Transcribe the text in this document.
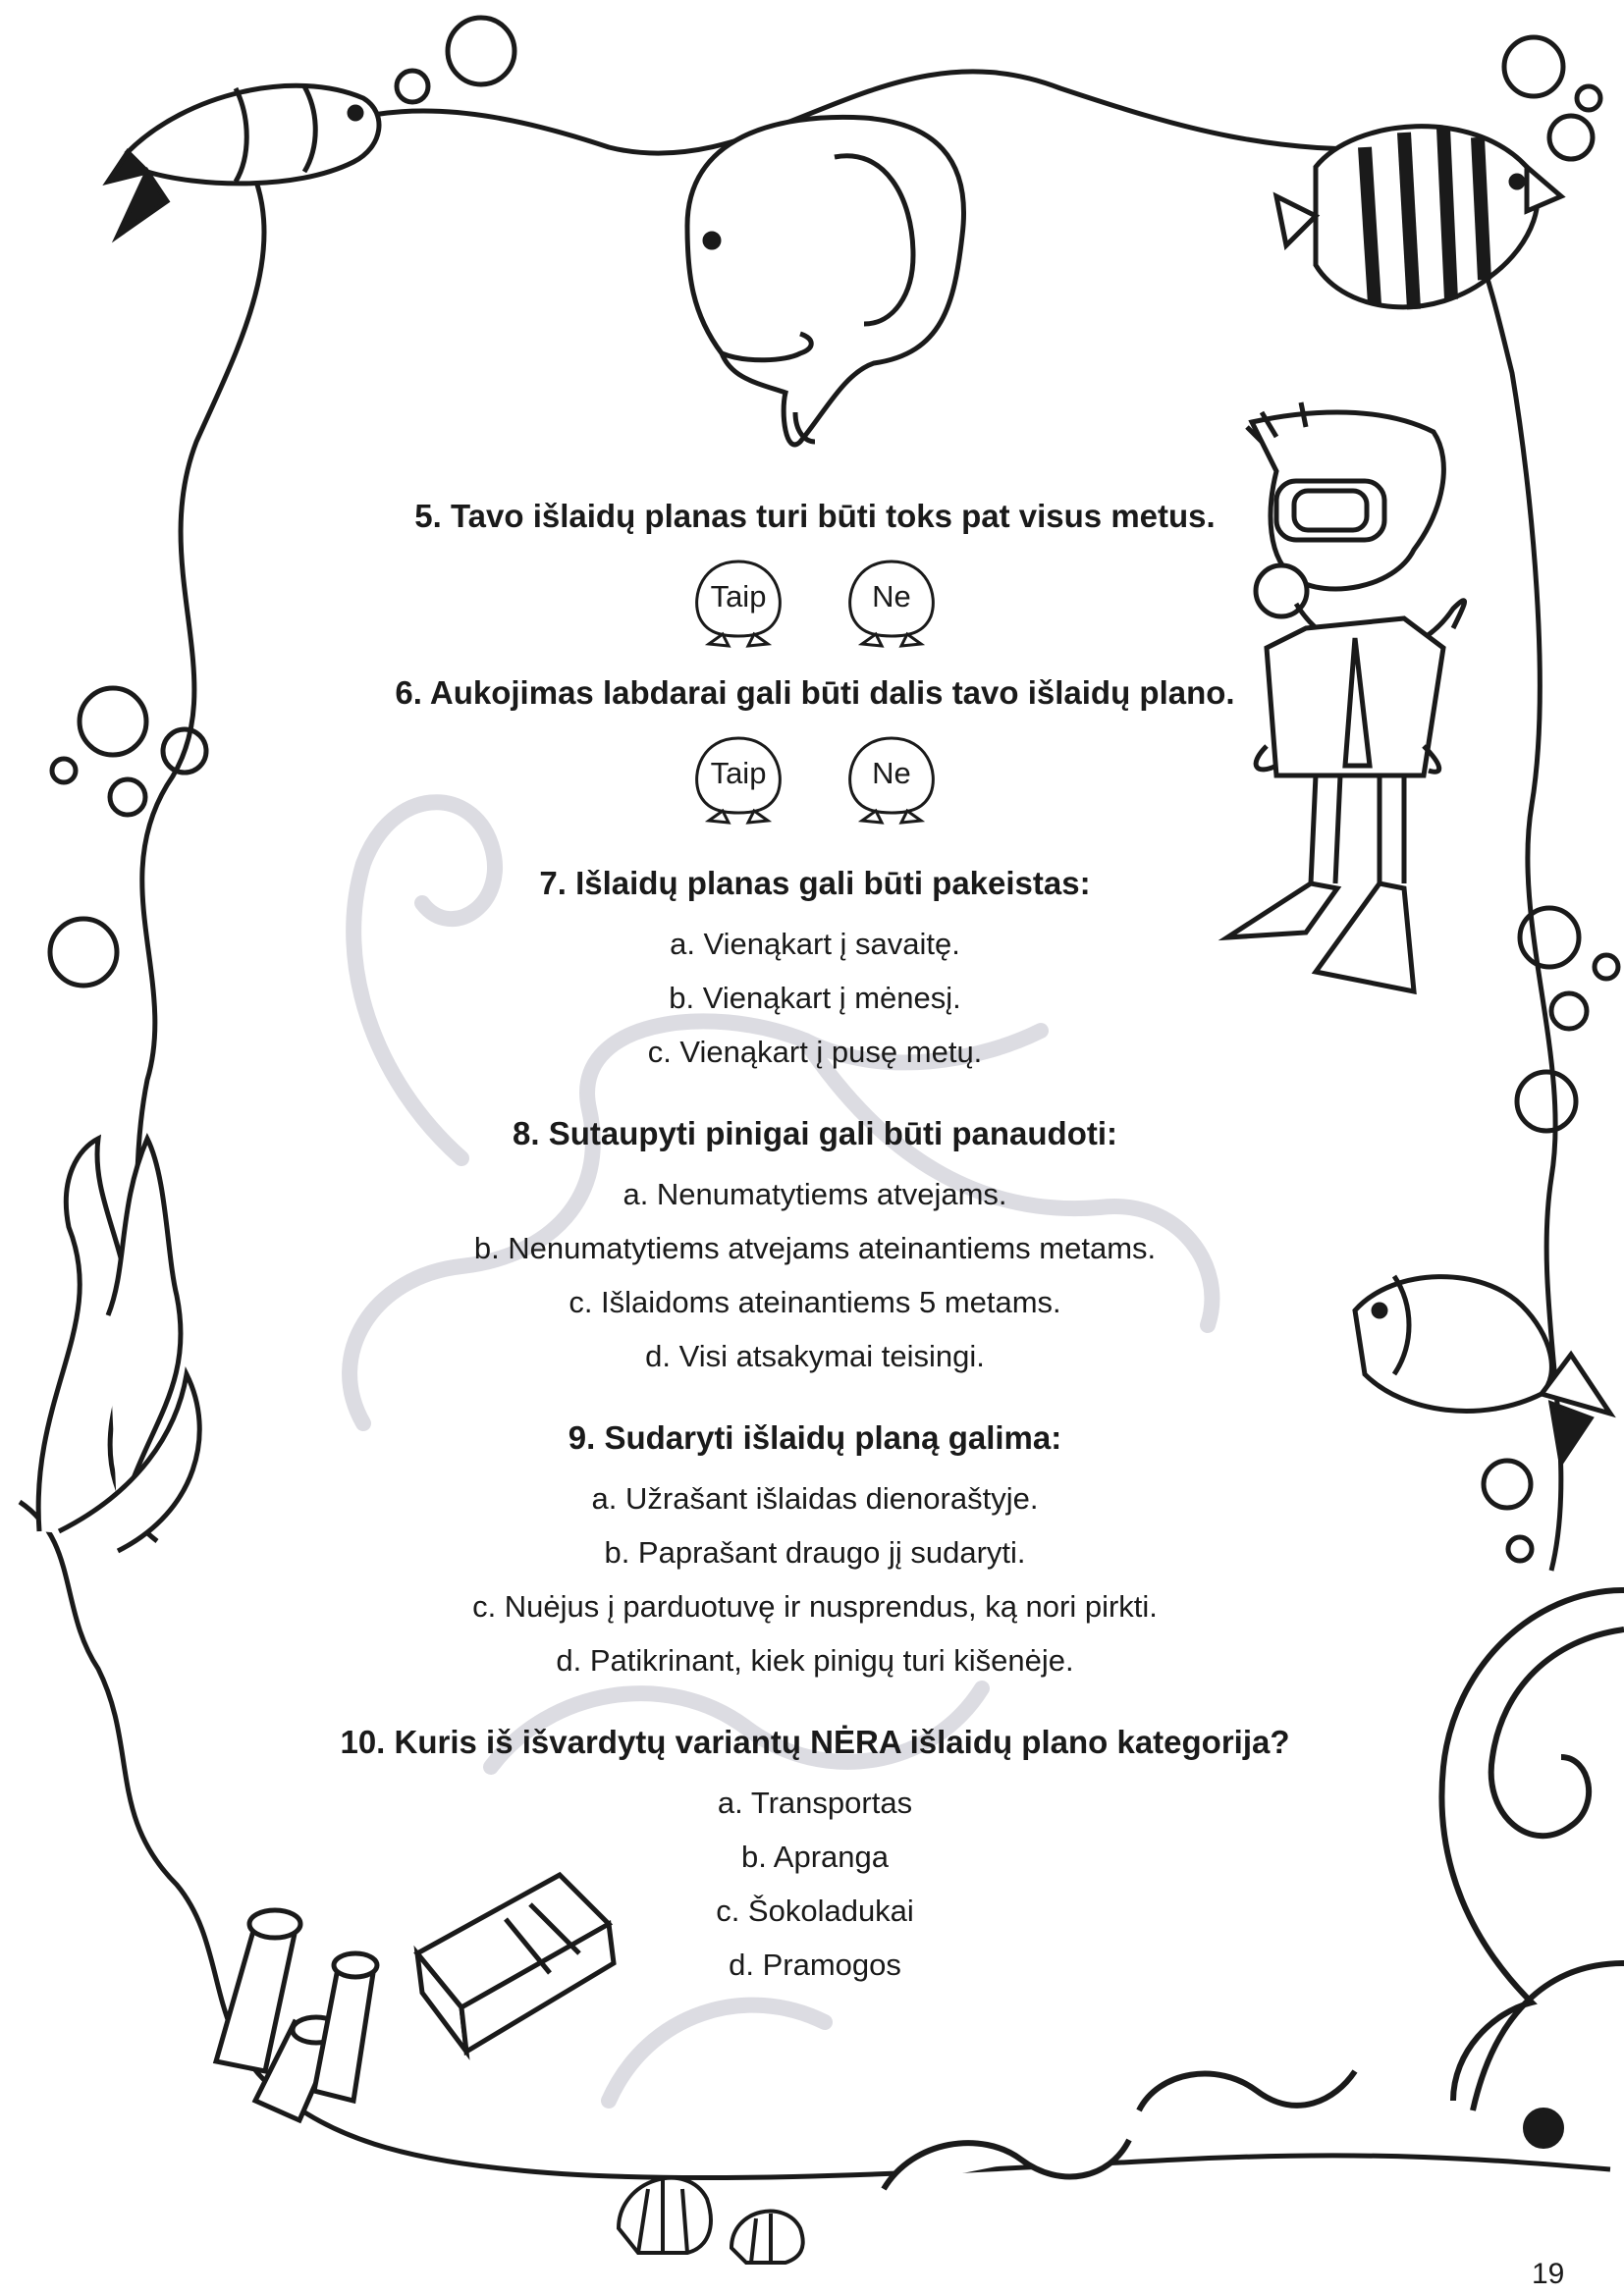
5. Tavo išlaidų planas turi būti toks pat visus metus.

Taip	Ne

6. Aukojimas labdarai gali būti dalis tavo išlaidų plano.

Taip	Ne

7. Išlaidų planas gali būti pakeistas:

a. Vienąkart į savaitę.
b. Vienąkart į mėnesį.
c. Vienąkart į pusę metų.

8. Sutaupyti pinigai gali būti panaudoti:

a. Nenumatytiems atvejams.
b. Nenumatytiems atvejams ateinantiems metams.
c. Išlaidoms ateinantiems 5 metams.
d. Visi atsakymai teisingi.

9. Sudaryti išlaidų planą galima:

a. Užrašant išlaidas dienoraštyje.
b. Paprašant draugo jį sudaryti.
c. Nuėjus į parduotuvę ir nusprendus, ką nori pirkti.
d. Patikrinant, kiek pinigų turi kišenėje.

10. Kuris iš išvardytų variantų NĖRA išlaidų plano kategorija?

a. Transportas
b. Apranga
c. Šokoladukai
d. Pramogos
19
